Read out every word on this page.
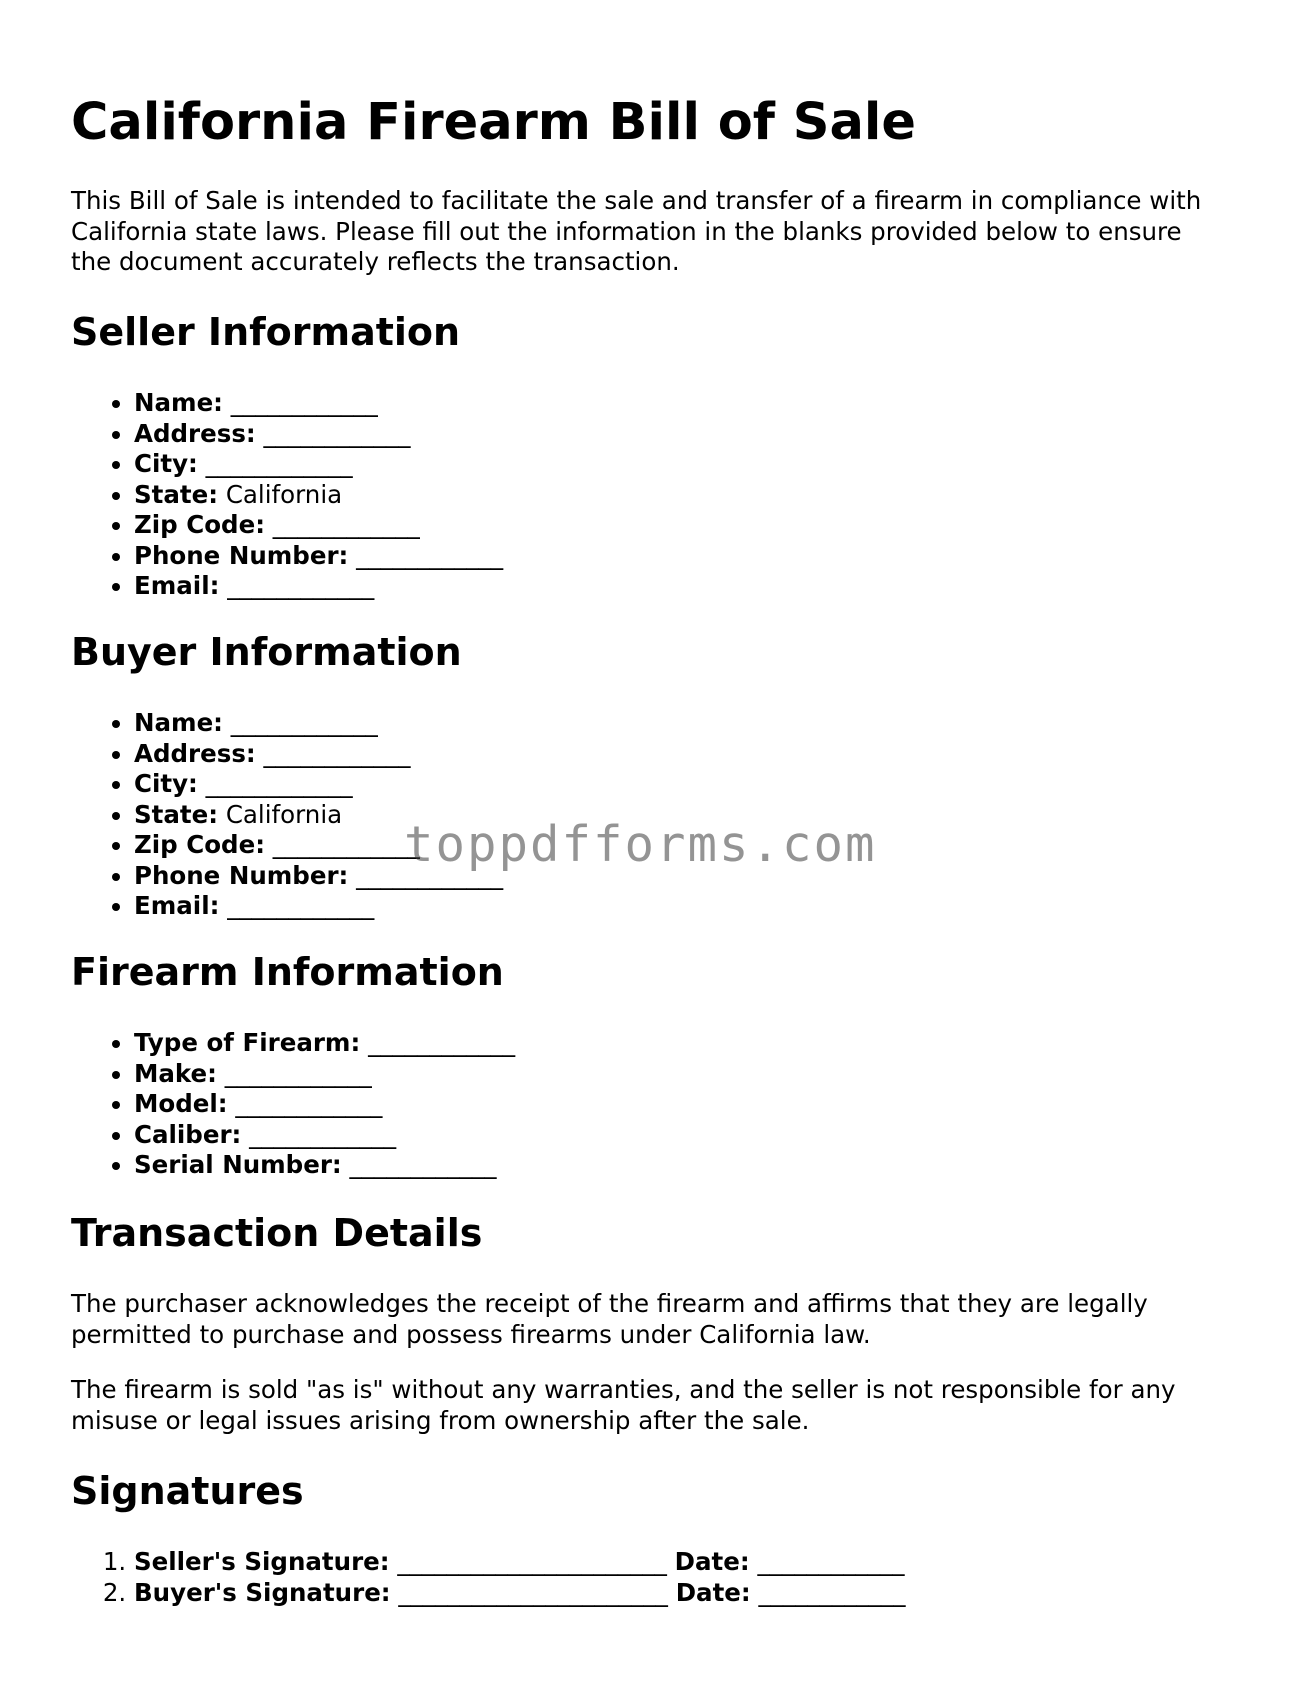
California Firearm Bill of Sale

This Bill of Sale is intended to facilitate the sale and transfer of a firearm in compliance with California state laws. Please fill out the information in the blanks provided below to ensure the document accurately reflects the transaction.

Seller Information
• Name: ____________
• Address: ____________
• City: ____________
• State: California
• Zip Code: ____________
• Phone Number: ____________
• Email: ____________
Buyer Information
• Name: ____________
• Address: ____________
• City: ____________
• State: California
• Zip Code: ____________
• Phone Number: ____________
• Email: ____________
Firearm Information
• Type of Firearm: ____________
• Make: ____________
• Model: ____________
• Caliber: ____________
• Serial Number: ____________
Transaction Details

The purchaser acknowledges the receipt of the firearm and affirms that they are legally permitted to purchase and possess firearms under California law.

The firearm is sold "as is" without any warranties, and the seller is not responsible for any misuse or legal issues arising from ownership after the sale.

Signatures
1. Seller's Signature: ______________________ Date: ____________
2. Buyer's Signature: ______________________ Date: ____________
toppdfforms.com
